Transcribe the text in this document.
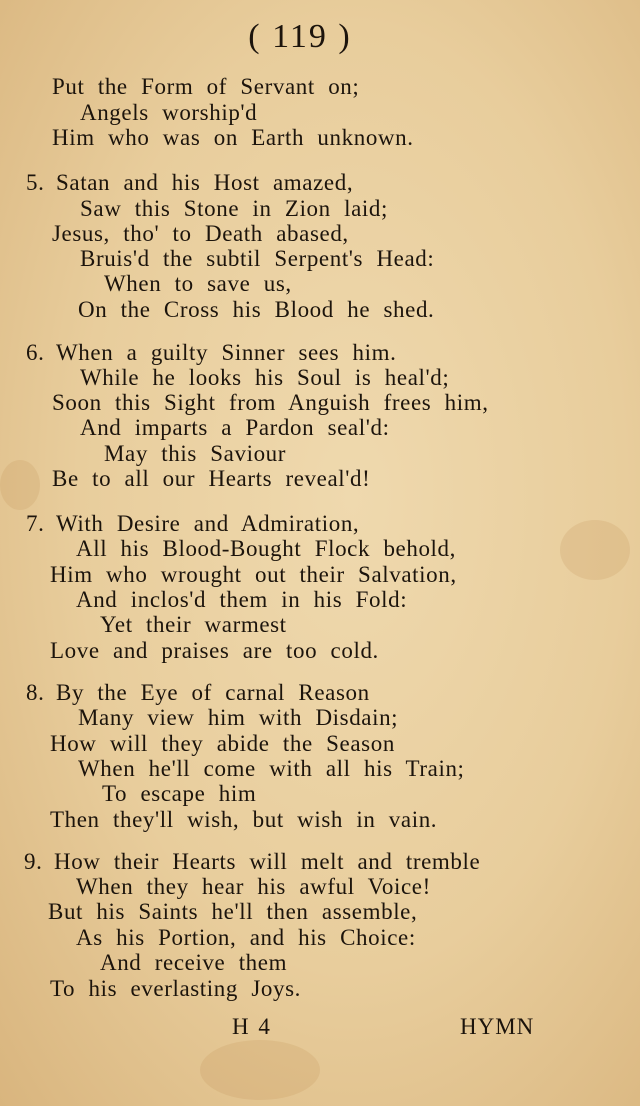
( 119 )
Put the Form of Servant on;
Angels worship'd
Him who was on Earth unknown.
5. Satan and his Host amazed,
Saw this Stone in Zion laid;
Jesus, tho' to Death abased,
Bruis'd the subtil Serpent's Head:
When to save us,
On the Cross his Blood he shed.
6. When a guilty Sinner sees him.
While he looks his Soul is heal'd;
Soon this Sight from Anguish frees him,
And imparts a Pardon seal'd:
May this Saviour
Be to all our Hearts reveal'd!
7. With Desire and Admiration,
All his Blood-Bought Flock behold,
Him who wrought out their Salvation,
And inclos'd them in his Fold:
Yet their warmest
Love and praises are too cold.
8. By the Eye of carnal Reason
Many view him with Disdain;
How will they abide the Season
When he'll come with all his Train;
To escape him
Then they'll wish, but wish in vain.
9. How their Hearts will melt and tremble
When they hear his awful Voice!
But his Saints he'll then assemble,
As his Portion, and his Choice:
And receive them
To his everlasting Joys.
H 4	HYMN
